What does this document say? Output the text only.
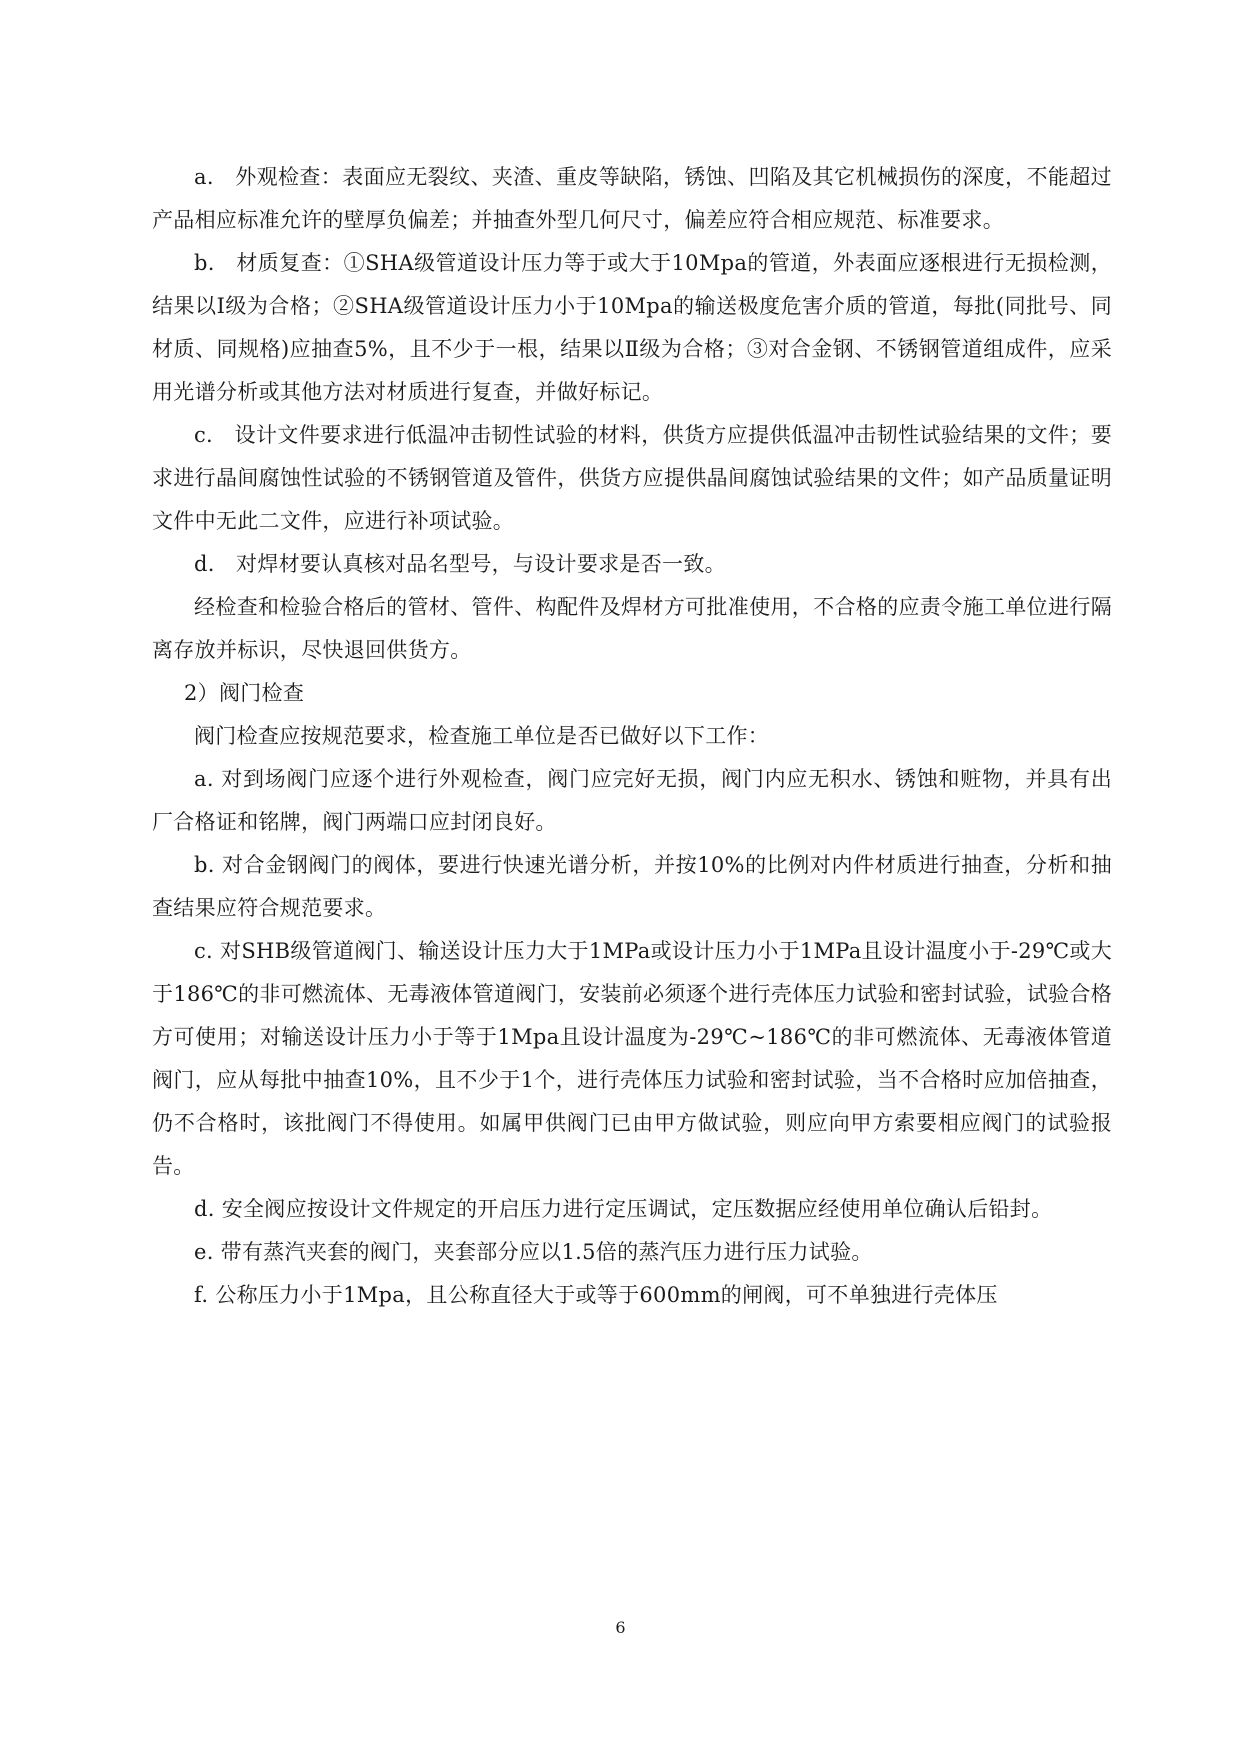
a.　外观检查：表面应无裂纹、夹渣、重皮等缺陷，锈蚀、凹陷及其它机械损伤的深度，不能超过产品相应标准允许的壁厚负偏差；并抽查外型几何尺寸，偏差应符合相应规范、标准要求。

b.　材质复查：①SHA级管道设计压力等于或大于10Mpa的管道，外表面应逐根进行无损检测，结果以Ⅰ级为合格；②SHA级管道设计压力小于10Mpa的输送极度危害介质的管道，每批(同批号、同材质、同规格)应抽查5%，且不少于一根，结果以Ⅱ级为合格；③对合金钢、不锈钢管道组成件，应采用光谱分析或其他方法对材质进行复查，并做好标记。

c.　设计文件要求进行低温冲击韧性试验的材料，供货方应提供低温冲击韧性试验结果的文件；要求进行晶间腐蚀性试验的不锈钢管道及管件，供货方应提供晶间腐蚀试验结果的文件；如产品质量证明文件中无此二文件，应进行补项试验。

d.　对焊材要认真核对品名型号，与设计要求是否一致。

经检查和检验合格后的管材、管件、构配件及焊材方可批准使用，不合格的应责令施工单位进行隔离存放并标识，尽快退回供货方。

2）阀门检查

阀门检查应按规范要求，检查施工单位是否已做好以下工作：

a. 对到场阀门应逐个进行外观检查，阀门应完好无损，阀门内应无积水、锈蚀和赃物，并具有出厂合格证和铭牌，阀门两端口应封闭良好。

b. 对合金钢阀门的阀体，要进行快速光谱分析，并按10%的比例对内件材质进行抽查，分析和抽查结果应符合规范要求。

c. 对SHB级管道阀门、输送设计压力大于1MPa或设计压力小于1MPa且设计温度小于-29℃或大于186℃的非可燃流体、无毒液体管道阀门，安装前必须逐个进行壳体压力试验和密封试验，试验合格方可使用；对输送设计压力小于等于1Mpa且设计温度为-29℃~186℃的非可燃流体、无毒液体管道阀门，应从每批中抽查10%，且不少于1个，进行壳体压力试验和密封试验，当不合格时应加倍抽查，仍不合格时，该批阀门不得使用。如属甲供阀门已由甲方做试验，则应向甲方索要相应阀门的试验报告。

d. 安全阀应按设计文件规定的开启压力进行定压调试，定压数据应经使用单位确认后铅封。

e. 带有蒸汽夹套的阀门，夹套部分应以1.5倍的蒸汽压力进行压力试验。

f. 公称压力小于1Mpa，且公称直径大于或等于600mm的闸阀，可不单独进行壳体压

6
